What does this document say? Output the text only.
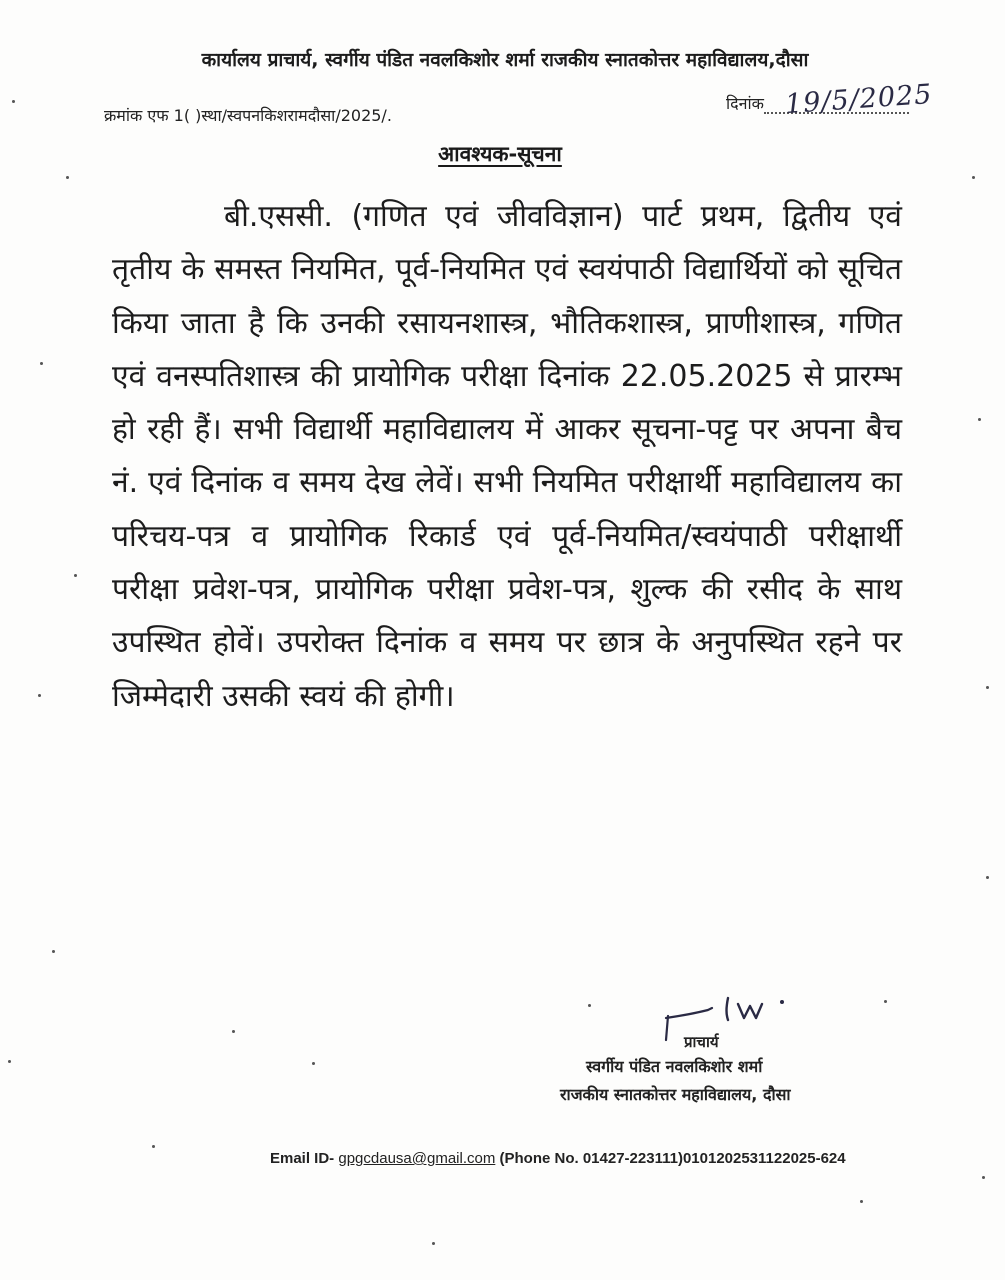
कार्यालय प्राचार्य, स्वर्गीय पंडित नवलकिशोर शर्मा राजकीय स्नातकोत्तर महाविद्यालय,दौसा
क्रमांक एफ 1( )स्था/स्वपनकिशरामदौसा/2025/.
दिनांक 19/5/2025
आवश्यक-सूचना

बी.एससी. (गणित एवं जीवविज्ञान) पार्ट प्रथम, द्वितीय एवं तृतीय के समस्त नियमित, पूर्व-नियमित एवं स्वयंपाठी विद्यार्थियों को सूचित किया जाता है कि उनकी रसायनशास्त्र, भौतिकशास्त्र, प्राणीशास्त्र, गणित एवं वनस्पतिशास्त्र की प्रायोगिक परीक्षा दिनांक 22.05.2025 से प्रारम्भ हो रही हैं। सभी विद्यार्थी महाविद्यालय में आकर सूचना-पट्ट पर अपना बैच नं. एवं दिनांक व समय देख लेवें। सभी नियमित परीक्षार्थी महाविद्यालय का परिचय-पत्र व प्रायोगिक रिकार्ड एवं पूर्व-नियमित/स्वयंपाठी परीक्षार्थी परीक्षा प्रवेश-पत्र, प्रायोगिक परीक्षा प्रवेश-पत्र, शुल्क की रसीद के साथ उपस्थित होवें। उपरोक्त दिनांक व समय पर छात्र के अनुपस्थित रहने पर जिम्मेदारी उसकी स्वयं की होगी।

प्राचार्य
स्वर्गीय पंडित नवलकिशोर शर्मा
राजकीय स्नातकोत्तर महाविद्यालय, दौसा
Email ID- gpgcdausa@gmail.com (Phone No. 01427-223111)0101202531122025-624
